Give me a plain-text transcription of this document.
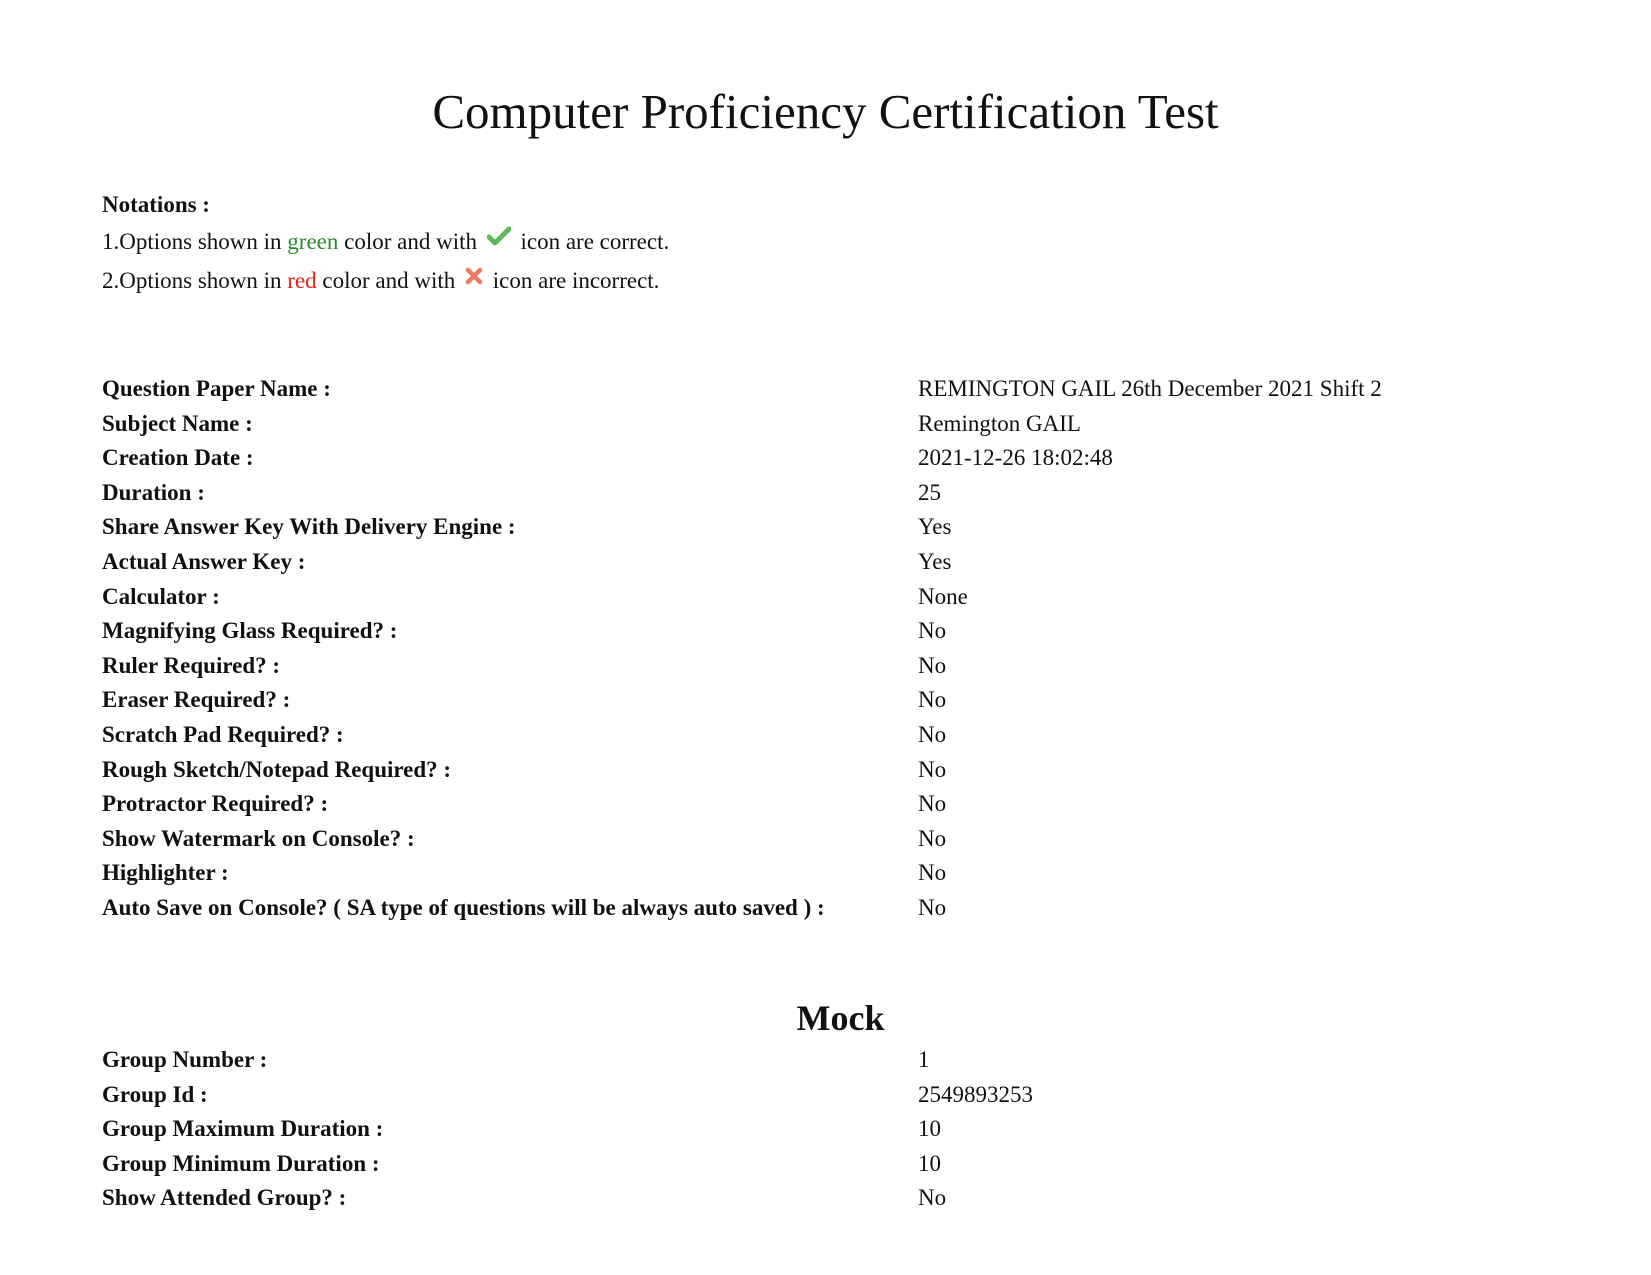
Computer Proficiency Certification Test
Notations :
1.Options shown in green color and with  icon are correct.
2.Options shown in red color and with  icon are incorrect.
Question Paper Name :	REMINGTON GAIL 26th December 2021 Shift 2
Subject Name :	Remington GAIL
Creation Date :	2021-12-26 18:02:48
Duration :	25
Share Answer Key With Delivery Engine :	Yes
Actual Answer Key :	Yes
Calculator :	None
Magnifying Glass Required? :	No
Ruler Required? :	No
Eraser Required? :	No
Scratch Pad Required? :	No
Rough Sketch/Notepad Required? :	No
Protractor Required? :	No
Show Watermark on Console? :	No
Highlighter :	No
Auto Save on Console? ( SA type of questions will be always auto saved ) :	No
Mock
Group Number :	1
Group Id :	2549893253
Group Maximum Duration :	10
Group Minimum Duration :	10
Show Attended Group? :	No
